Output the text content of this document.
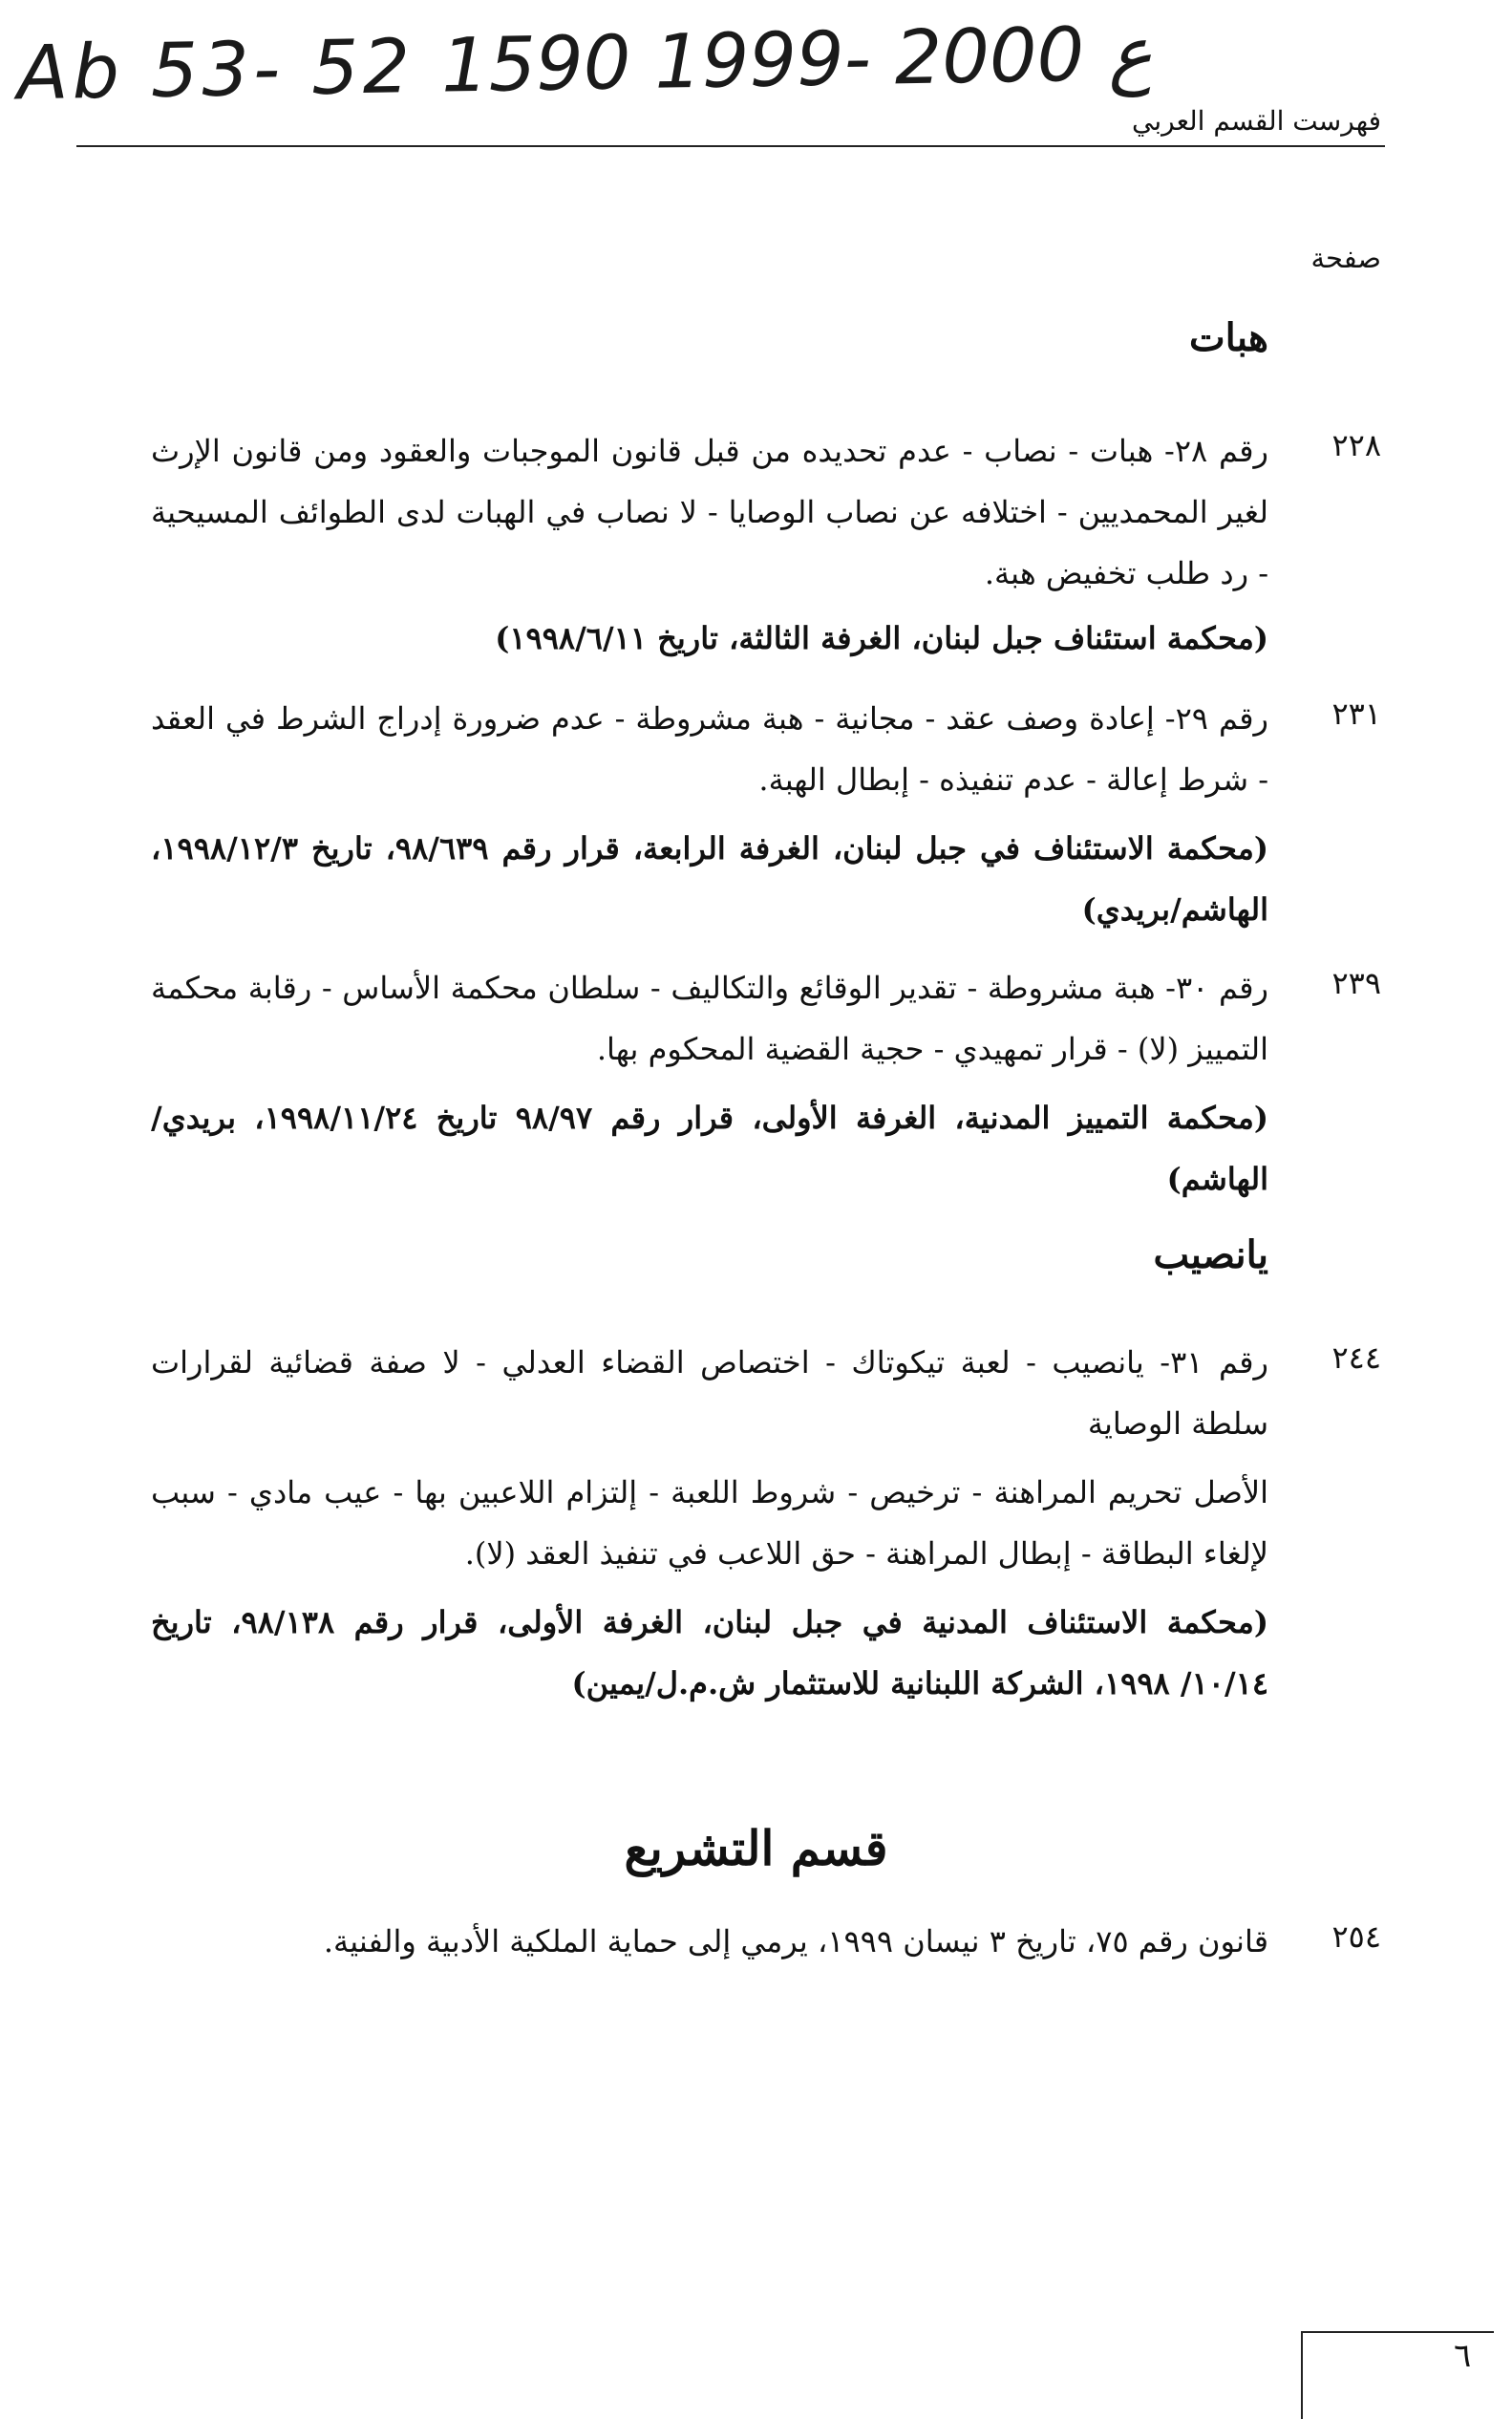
Ab 53- 52 ع 2000 -1999 1590
فهرست القسم العربي
صفحة
هبات
٢٢٨
رقم ٢٨- هبات - نصاب - عدم تحديده من قبل قانون الموجبات والعقود ومن قانون الإرث لغير المحمديين - اختلافه عن نصاب الوصايا - لا نصاب في الهبات لدى الطوائف المسيحية - رد طلب تخفيض هبة.
(محكمة استئناف جبل لبنان، الغرفة الثالثة، تاريخ ١٩٩٨/٦/١١)
٢٣١
رقم ٢٩- إعادة وصف عقد - مجانية - هبة مشروطة - عدم ضرورة إدراج الشرط في العقد - شرط إعالة - عدم تنفيذه - إبطال الهبة.
(محكمة الاستئناف في جبل لبنان، الغرفة الرابعة، قرار رقم ٩٨/٦٣٩، تاريخ ١٩٩٨/١٢/٣، الهاشم/بريدي)
٢٣٩
رقم ٣٠- هبة مشروطة - تقدير الوقائع والتكاليف - سلطان محكمة الأساس - رقابة محكمة التمييز (لا) - قرار تمهيدي - حجية القضية المحكوم بها.
(محكمة التمييز المدنية، الغرفة الأولى، قرار رقم ٩٨/٩٧ تاريخ ١٩٩٨/١١/٢٤، بريدي/ الهاشم)
يانصيب
٢٤٤
رقم ٣١- يانصيب - لعبة تيكوتاك - اختصاص القضاء العدلي - لا صفة قضائية لقرارات سلطة الوصاية
الأصل تحريم المراهنة - ترخيص - شروط اللعبة - إلتزام اللاعبين بها - عيب مادي - سبب لإلغاء البطاقة - إبطال المراهنة - حق اللاعب في تنفيذ العقد (لا).
(محكمة الاستئناف المدنية في جبل لبنان، الغرفة الأولى، قرار رقم ٩٨/١٣٨، تاريخ ١٠/١٤/ ١٩٩٨، الشركة اللبنانية للاستثمار ش.م.ل/يمين)
قسم التشريع
٢٥٤
قانون رقم ٧٥، تاريخ ٣ نيسان ١٩٩٩، يرمي إلى حماية الملكية الأدبية والفنية.
٦
